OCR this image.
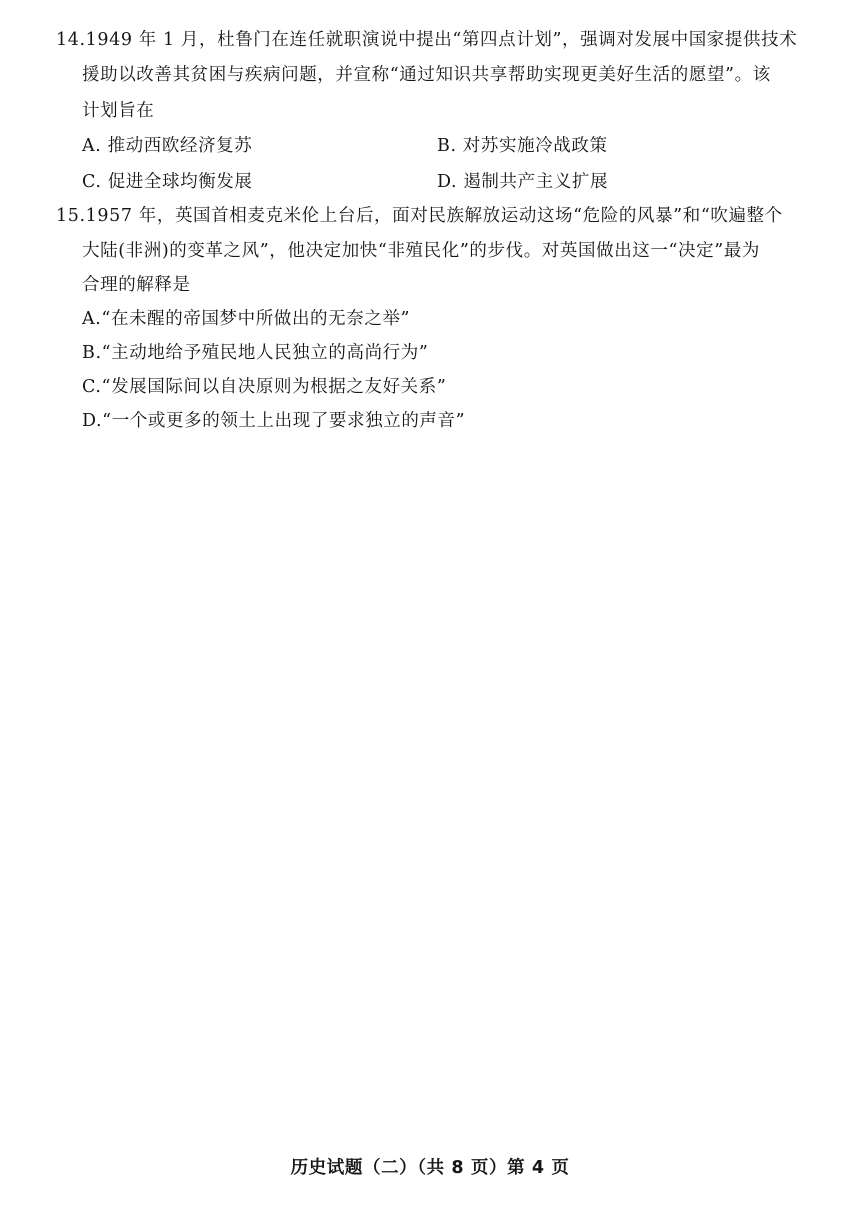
14.1949 年 1 月，杜鲁门在连任就职演说中提出“第四点计划”，强调对发展中国家提供技术
援助以改善其贫困与疾病问题，并宣称“通过知识共享帮助实现更美好生活的愿望”。该
计划旨在
A. 推动西欧经济复苏	B. 对苏实施冷战政策
C. 促进全球均衡发展	D. 遏制共产主义扩展
15.1957 年，英国首相麦克米伦上台后，面对民族解放运动这场“危险的风暴”和“吹遍整个
大陆(非洲)的变革之风”，他决定加快“非殖民化”的步伐。对英国做出这一“决定”最为
合理的解释是
A.“在未醒的帝国梦中所做出的无奈之举”
B.“主动地给予殖民地人民独立的高尚行为”
C.“发展国际间以自决原则为根据之友好关系”
D.“一个或更多的领土上出现了要求独立的声音”
历史试题（二）（共 8 页）第 4 页
